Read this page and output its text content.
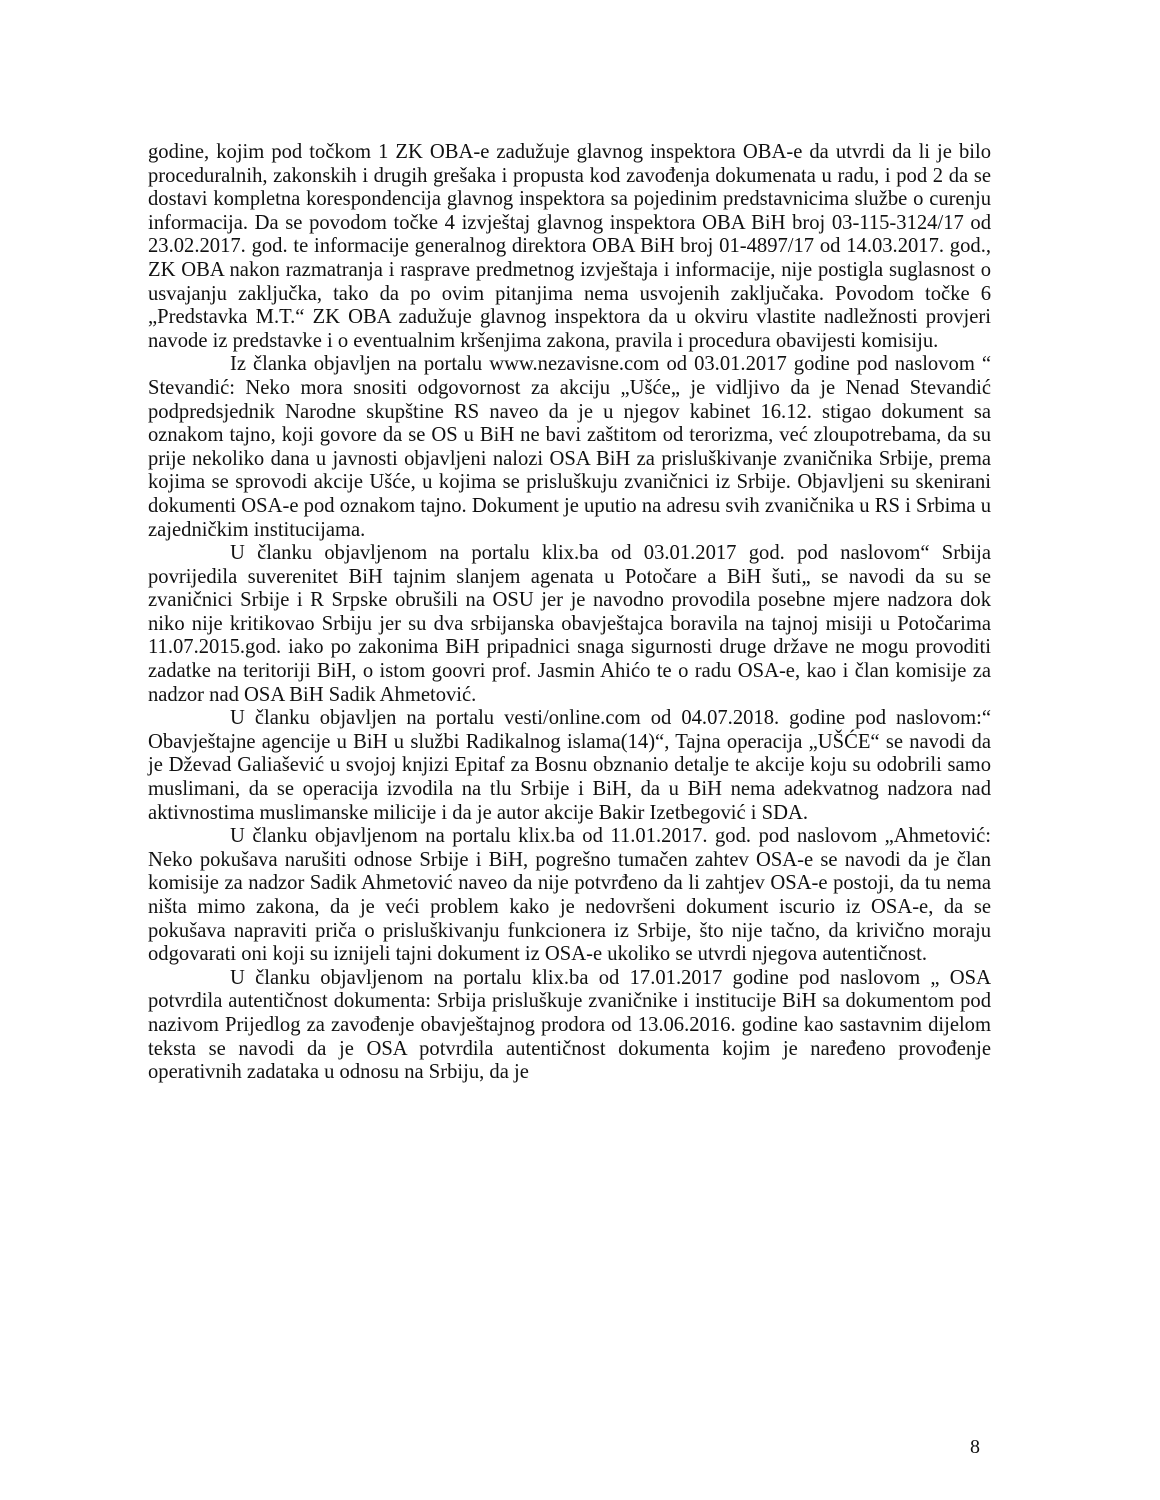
godine, kojim pod točkom 1 ZK OBA-e zadužuje glavnog inspektora OBA-e da utvrdi da li je bilo proceduralnih, zakonskih i drugih grešaka i propusta kod zavođenja dokumenata u radu, i pod 2 da se dostavi kompletna korespondencija glavnog inspektora sa pojedinim predstavnicima službe o curenju informacija. Da se povodom točke 4 izvještaj glavnog inspektora OBA BiH broj 03-115-3124/17 od 23.02.2017. god. te informacije generalnog direktora OBA BiH broj 01-4897/17 od 14.03.2017. god., ZK OBA nakon razmatranja i rasprave predmetnog izvještaja i informacije, nije postigla suglasnost o usvajanju zaključka, tako da po ovim pitanjima nema usvojenih zaključaka. Povodom točke 6 „Predstavka M.T.“ ZK OBA zadužuje glavnog inspektora da u okviru vlastite nadležnosti provjeri navode iz predstavke i o eventualnim kršenjima zakona, pravila i procedura obavijesti komisiju.

Iz članka objavljen na portalu www.nezavisne.com od 03.01.2017 godine pod naslovom “ Stevandić: Neko mora snositi odgovornost za akciju „Ušće„ je vidljivo da je Nenad Stevandić podpredsjednik Narodne skupštine RS naveo da je u njegov kabinet 16.12. stigao dokument sa oznakom tajno, koji govore da se OS u BiH ne bavi zaštitom od terorizma, već zloupotrebama, da su prije nekoliko dana u javnosti objavljeni nalozi OSA BiH za prisluškivanje zvaničnika Srbije, prema kojima se sprovodi akcije Ušće, u kojima se prisluškuju zvaničnici iz Srbije. Objavljeni su skenirani dokumenti OSA-e pod oznakom tajno. Dokument je uputio na adresu svih zvaničnika u RS i Srbima u zajedničkim institucijama.

U članku objavljenom na portalu klix.ba od 03.01.2017 god. pod naslovom“ Srbija povrijedila suverenitet BiH tajnim slanjem agenata u Potočare a BiH šuti„ se navodi da su se zvaničnici Srbije i R Srpske obrušili na OSU jer je navodno provodila posebne mjere nadzora dok niko nije kritikovao Srbiju jer su dva srbijanska obavještajca boravila na tajnoj misiji u Potočarima 11.07.2015.god. iako po zakonima BiH pripadnici snaga sigurnosti druge države ne mogu provoditi zadatke na teritoriji BiH, o istom goovri prof. Jasmin Ahićo te o radu OSA-e, kao i član komisije za nadzor nad OSA BiH Sadik Ahmetović.

U članku objavljen na portalu vesti/online.com od 04.07.2018. godine pod naslovom:“ Obavještajne agencije u BiH u službi Radikalnog islama(14)“, Tajna operacija „UŠĆE“ se navodi da je Dževad Galiašević u svojoj knjizi Epitaf za Bosnu obznanio detalje te akcije koju su odobrili samo muslimani, da se operacija izvodila na tlu Srbije i BiH, da u BiH nema adekvatnog nadzora nad aktivnostima muslimanske milicije i da je autor akcije Bakir Izetbegović i SDA.

U članku objavljenom na portalu klix.ba od 11.01.2017. god. pod naslovom „Ahmetović: Neko pokušava narušiti odnose Srbije i BiH, pogrešno tumačen zahtev OSA-e se navodi da je član komisije za nadzor Sadik Ahmetović naveo da nije potvrđeno da li zahtjev OSA-e postoji, da tu nema ništa mimo zakona, da je veći problem kako je nedovršeni dokument iscurio iz OSA-e, da se pokušava napraviti priča o prisluškivanju funkcionera iz Srbije, što nije tačno, da krivično moraju odgovarati oni koji su iznijeli tajni dokument iz OSA-e ukoliko se utvrdi njegova autentičnost.

U članku objavljenom na portalu klix.ba od 17.01.2017 godine pod naslovom „ OSA potvrdila autentičnost dokumenta: Srbija prisluškuje zvaničnike i institucije BiH sa dokumentom pod nazivom Prijedlog za zavođenje obavještajnog prodora od 13.06.2016. godine kao sastavnim dijelom teksta se navodi da je OSA potvrdila autentičnost dokumenta kojim je naređeno provođenje operativnih zadataka u odnosu na Srbiju, da je

8
